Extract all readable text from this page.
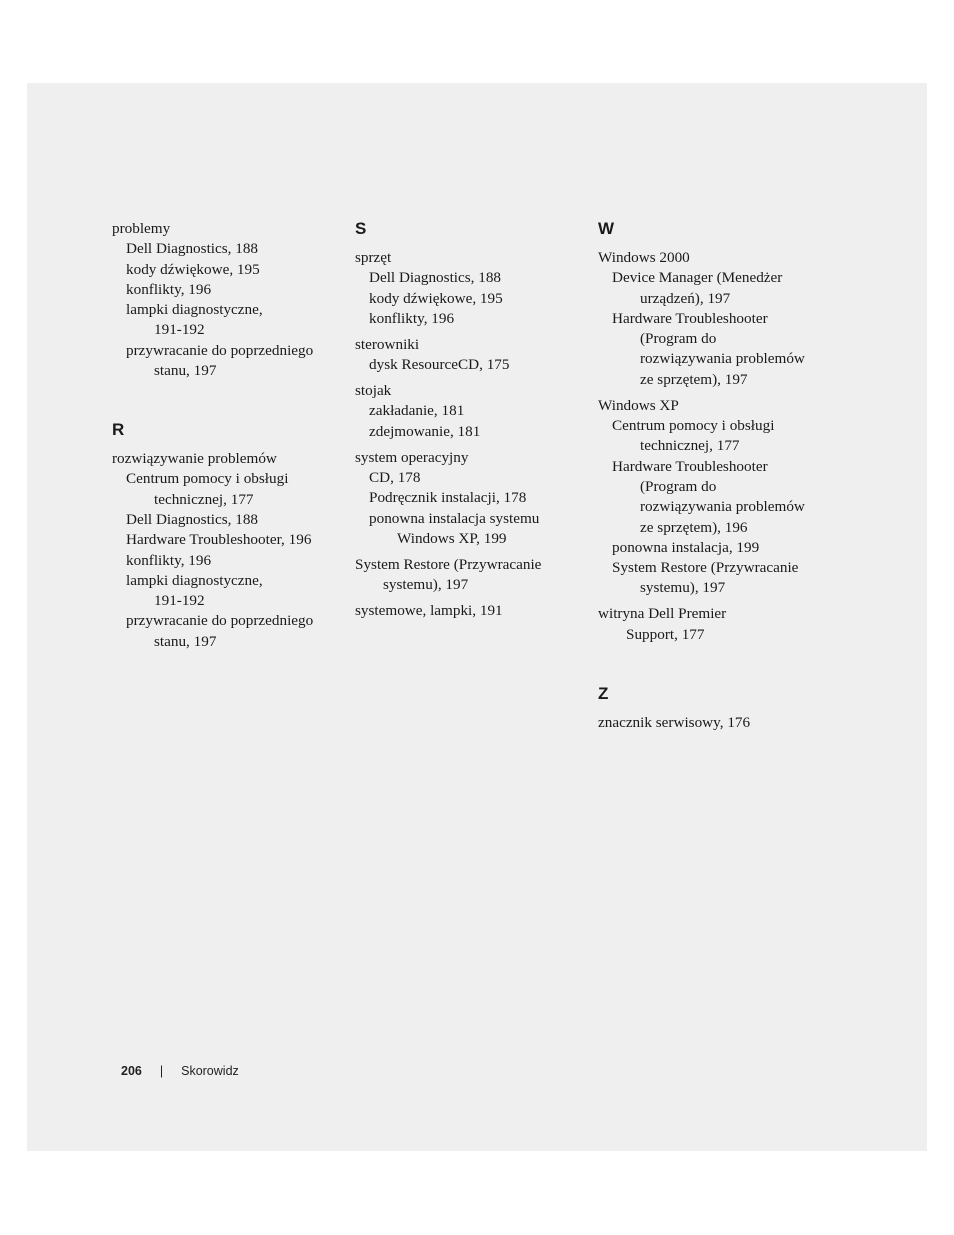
problemy
Dell Diagnostics, 188
kody dźwiękowe, 195
konflikty, 196
lampki diagnostyczne,
191-192
przywracanie do poprzedniego
stanu, 197
R
rozwiązywanie problemów
Centrum pomocy i obsługi
technicznej, 177
Dell Diagnostics, 188
Hardware Troubleshooter, 196
konflikty, 196
lampki diagnostyczne,
191-192
przywracanie do poprzedniego
stanu, 197
S
sprzęt
Dell Diagnostics, 188
kody dźwiękowe, 195
konflikty, 196
sterowniki
dysk ResourceCD, 175
stojak
zakładanie, 181
zdejmowanie, 181
system operacyjny
CD, 178
Podręcznik instalacji, 178
ponowna instalacja systemu
Windows XP, 199
System Restore (Przywracanie
systemu), 197
systemowe, lampki, 191
W
Windows 2000
Device Manager (Menedżer
urządzeń), 197
Hardware Troubleshooter
(Program do
rozwiązywania problemów
ze sprzętem), 197
Windows XP
Centrum pomocy i obsługi
technicznej, 177
Hardware Troubleshooter
(Program do
rozwiązywania problemów
ze sprzętem), 196
ponowna instalacja, 199
System Restore (Przywracanie
systemu), 197
witryna Dell Premier
Support, 177
Z
znacznik serwisowy, 176
206 | Skorowidz
